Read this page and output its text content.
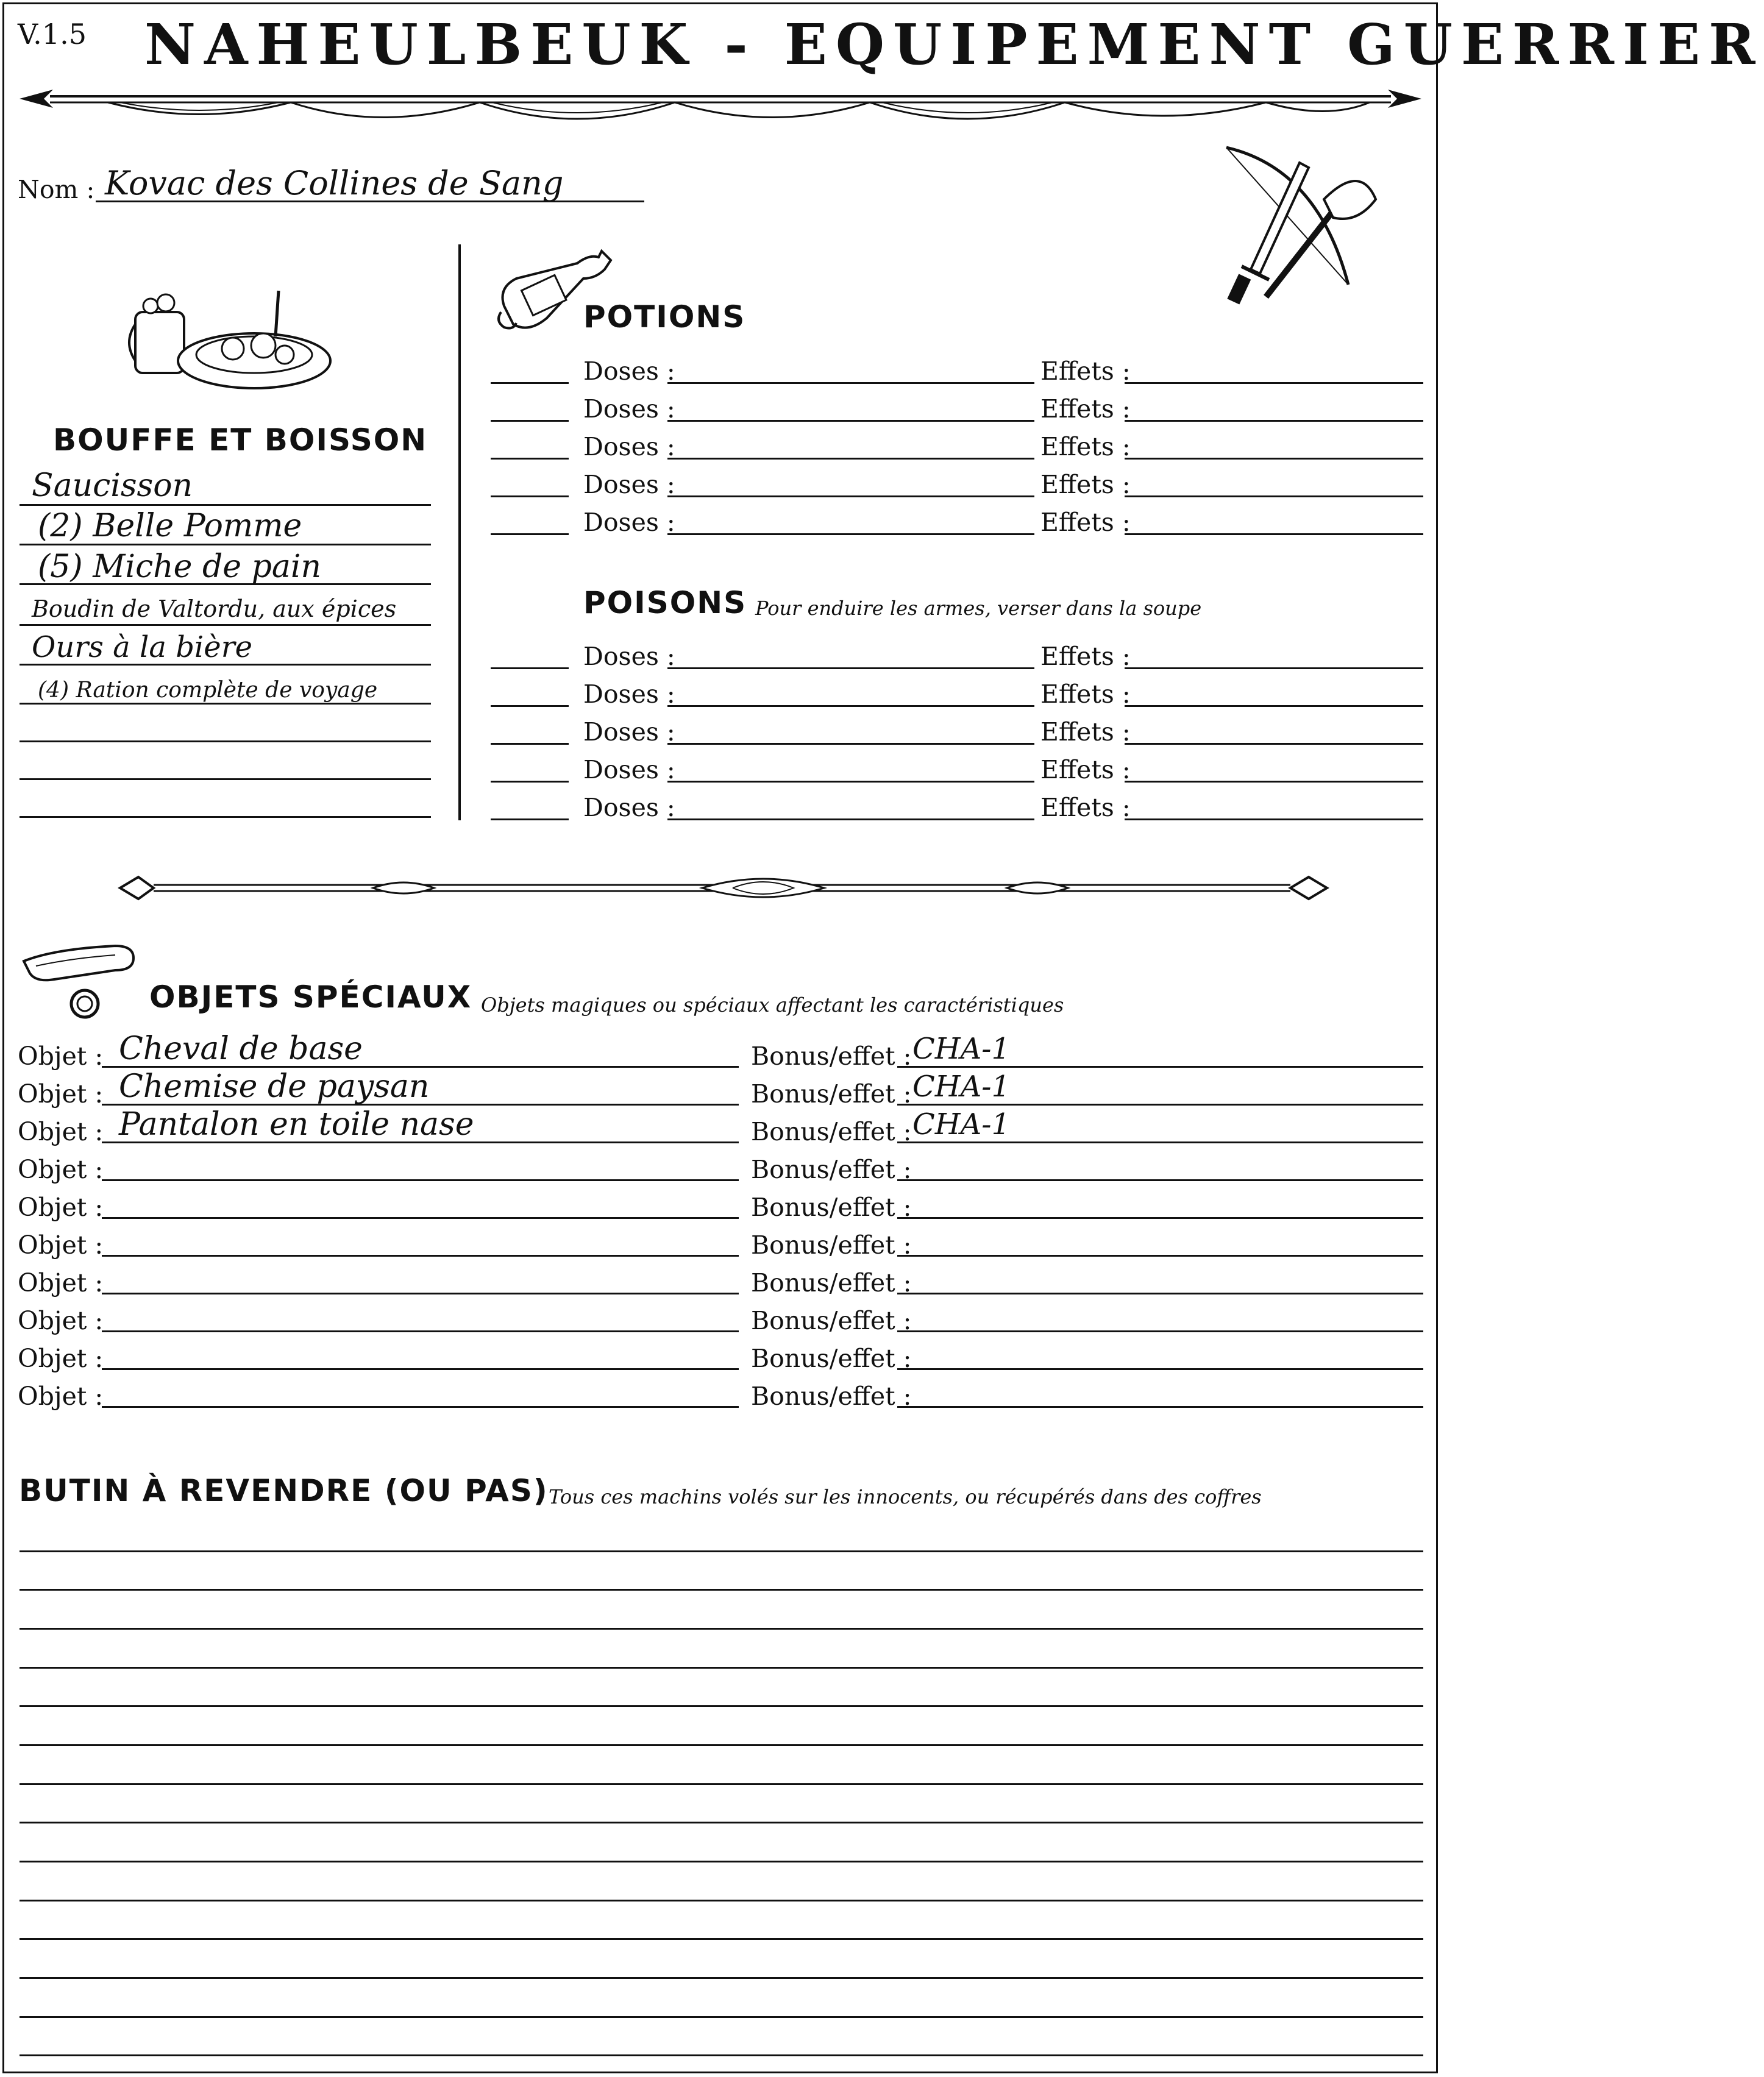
V.1.5 NAHEULBEUK - EQUIPEMENT GUERRIER
Nom : Kovac des Collines de Sang
BOUFFE ET BOISSON
Saucisson
(2) Belle Pomme
(5) Miche de pain
Boudin de Valtordu, aux épices
Ours à la bière
(4) Ration complète de voyage
POTIONS
Doses :	Effets :
Doses :	Effets :
Doses :	Effets :
Doses :	Effets :
Doses :	Effets :
POISONS Pour enduire les armes, verser dans la soupe
Doses :	Effets :
Doses :	Effets :
Doses :	Effets :
Doses :	Effets :
Doses :	Effets :
OBJETS SPÉCIAUX Objets magiques ou spéciaux affectant les caractéristiques
Objet : Cheval de base	Bonus/effet : CHA-1
Objet : Chemise de paysan	Bonus/effet : CHA-1
Objet : Pantalon en toile nase	Bonus/effet : CHA-1
Objet :	Bonus/effet :
Objet :	Bonus/effet :
Objet :	Bonus/effet :
Objet :	Bonus/effet :
Objet :	Bonus/effet :
Objet :	Bonus/effet :
Objet :	Bonus/effet :
BUTIN À REVENDRE (OU PAS) Tous ces machins volés sur les innocents, ou récupérés dans des coffres
